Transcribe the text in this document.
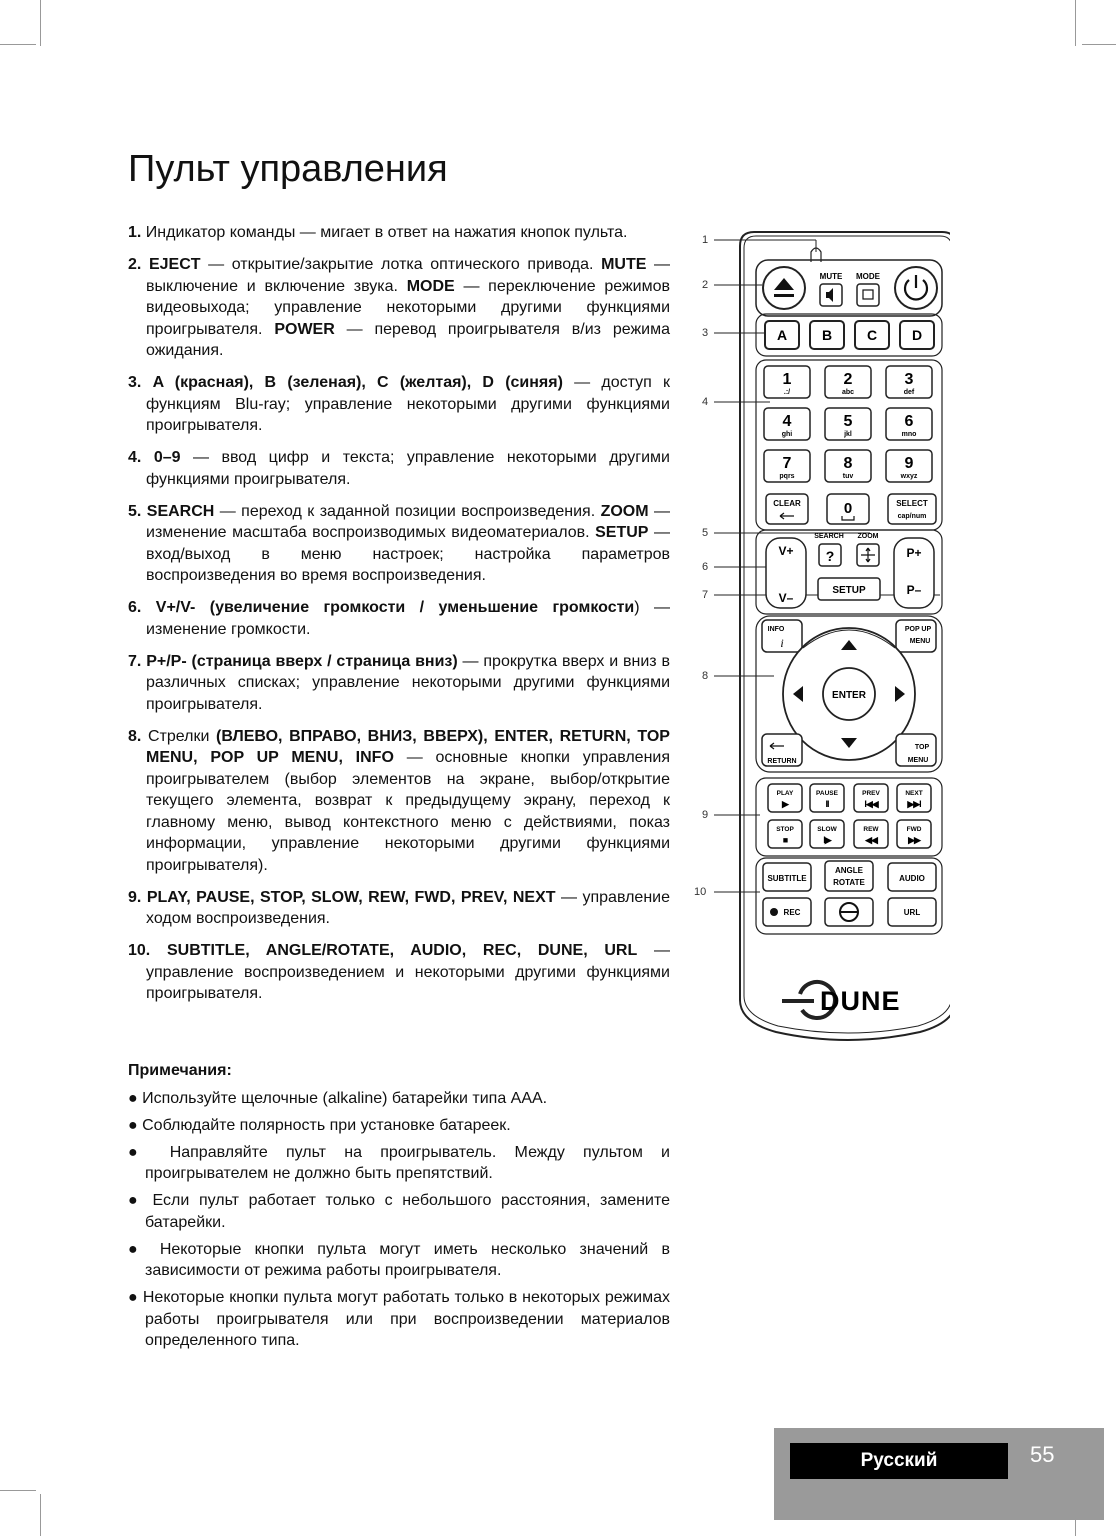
Пульт управления
1. Индикатор команды — мигает в ответ на нажатия кнопок пульта.
2. EJECT — открытие/закрытие лотка оптического привода. MUTE — выключение и включение звука. MODE — переключение режимов видеовыхода; управление некоторыми другими функциями проигрывателя. POWER — перевод проигрывателя в/из режима ожидания.
3. A (красная), B (зеленая), C (желтая), D (синяя) — доступ к функциям Blu-ray; управление некоторыми другими функциями проигрывателя.
4. 0–9 — ввод цифр и текста; управление некоторыми другими функциями проигрывателя.
5. SEARCH — переход к заданной позиции воспроизведения. ZOOM — изменение масштаба воспроизводимых видеоматериалов. SETUP — вход/выход в меню настроек; настройка параметров воспроизведения во время воспроизведения.
6. V+/V- (увеличение громкости / уменьшение громкости) — изменение громкости.
7. P+/P- (страница вверх / страница вниз) — прокрутка вверх и вниз в различных списках; управление некоторыми другими функциями проигрывателя.
8. Стрелки (ВЛЕВО, ВПРАВО, ВНИЗ, ВВЕРХ), ENTER, RETURN, TOP MENU, POP UP MENU, INFO — основные кнопки управления проигрывателем (выбор элементов на экране, выбор/открытие текущего элемента, возврат к предыдущему экрану, переход к главному меню, вывод контекстного меню с действиями, показ информации, управление некоторыми другими функциями проигрывателя).
9. PLAY, PAUSE, STOP, SLOW, REW, FWD, PREV, NEXT — управление ходом воспроизведения.
10. SUBTITLE, ANGLE/ROTATE, AUDIO, REC, DUNE, URL — управление воспроизведением и некоторыми другими функциями проигрывателя.
Примечания:
● Используйте щелочные (alkaline) батарейки типа AAA.
● Соблюдайте полярность при установке батареек.
● Направляйте пульт на проигрыватель. Между пультом и проигрывателем не должно быть препятствий.
● Если пульт работает только с небольшого расстояния, замените батарейки.
● Некоторые кнопки пульта могут иметь несколько значений в зависимости от режима работы проигрывателя.
● Некоторые кнопки пульта могут работать только в некоторых режимах работы проигрывателя или при воспроизведении материалов определенного типа.
1
2
3
4
5
6
7
8
9
10
MUTE MODE
A B C D
1
.:/
2
abc
3
def
4
ghi
5
jkl
6
mno
7
pqrs
8
tuv
9
wxyz
CLEAR	0	SELECT
cap/num
V+
V–
SEARCH ZOOM
?
SETUP
P+
P–
INFO
i
POP UP
MENU
ENTER
RETURN
TOP
MENU
PLAY
▶
PAUSE
II
PREV
I◀◀
NEXT
▶▶I
STOP
■
SLOW
I▶
REW
◀◀
FWD
▶▶
SUBTITLE
ANGLE
ROTATE	AUDIO
REC	URL
DUNE
Русский	55
